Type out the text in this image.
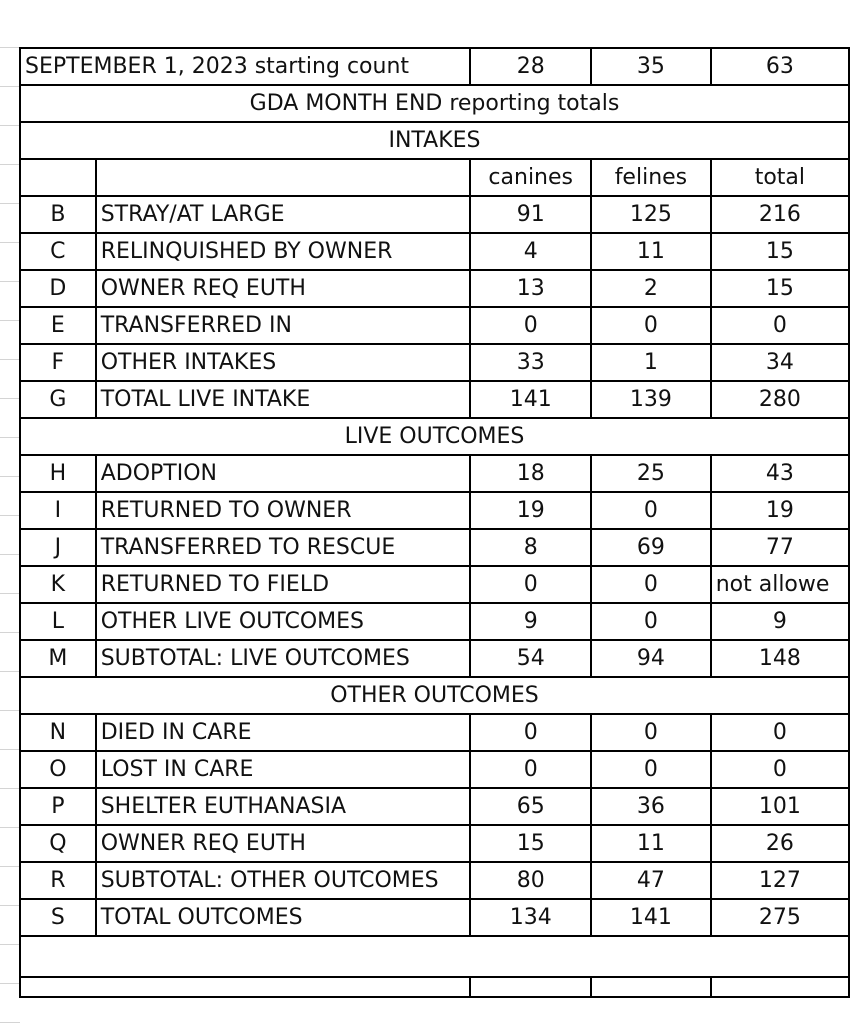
SEPTEMBER 1, 2023 starting count		28	35	63
GDA MONTH END reporting totals				
INTAKES				
		canines	felines	total
B	STRAY/AT LARGE	91	125	216
C	RELINQUISHED BY OWNER	4	11	15
D	OWNER REQ EUTH	13	2	15
E	TRANSFERRED IN	0	0	0
F	OTHER INTAKES	33	1	34
G	TOTAL LIVE INTAKE	141	139	280
LIVE OUTCOMES				
H	ADOPTION	18	25	43
I	RETURNED TO OWNER	19	0	19
J	TRANSFERRED TO RESCUE	8	69	77
K	RETURNED TO FIELD	0	0	not allowe
L	OTHER LIVE OUTCOMES	9	0	9
M	SUBTOTAL: LIVE OUTCOMES	54	94	148
OTHER OUTCOMES				
N	DIED IN CARE	0	0	0
O	LOST IN CARE	0	0	0
P	SHELTER EUTHANASIA	65	36	101
Q	OWNER REQ EUTH	15	11	26
R	SUBTOTAL: OTHER OUTCOMES	80	47	127
S	TOTAL OUTCOMES	134	141	275
